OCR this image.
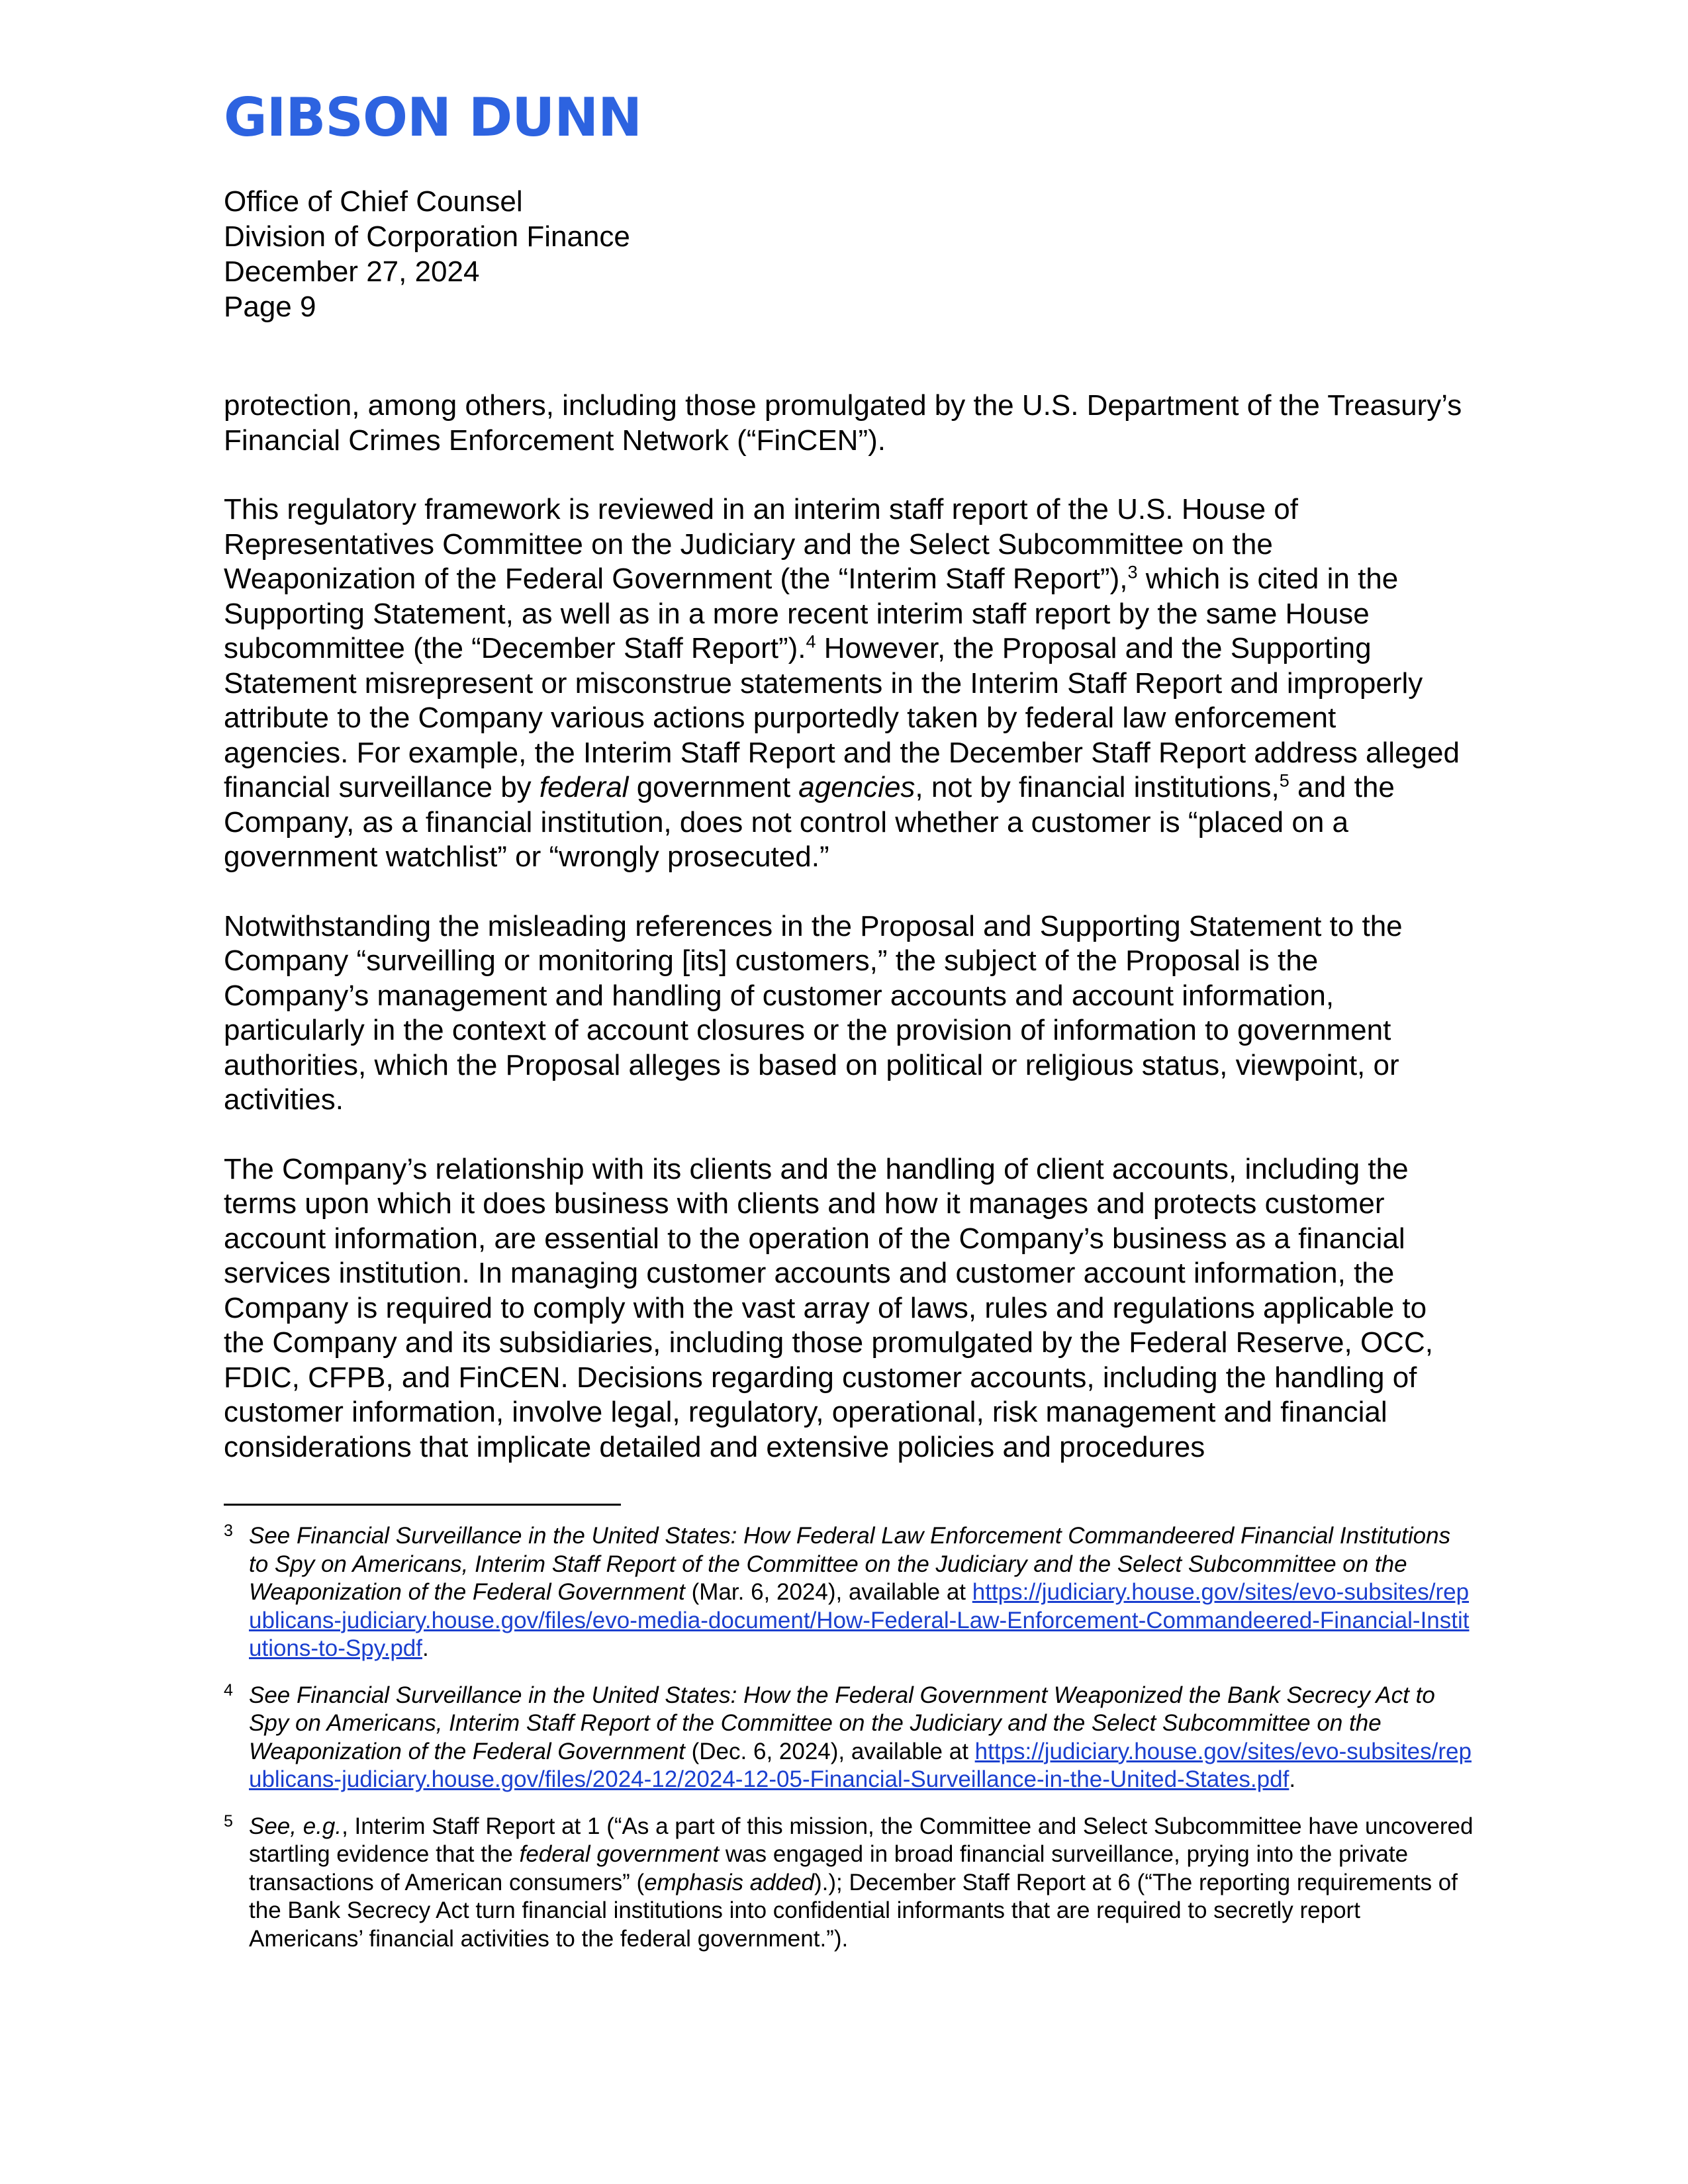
GIBSON DUNN
Office of Chief Counsel
Division of Corporation Finance
December 27, 2024
Page 9

protection, among others, including those promulgated by the U.S. Department of the Treasury’s Financial Crimes Enforcement Network (“FinCEN”).

This regulatory framework is reviewed in an interim staff report of the U.S. House of Representatives Committee on the Judiciary and the Select Subcommittee on the Weaponization of the Federal Government (the “Interim Staff Report”),$^3$ which is cited in the Supporting Statement, as well as in a more recent interim staff report by the same House subcommittee (the “December Staff Report”).$^4$ However, the Proposal and the Supporting Statement misrepresent or misconstrue statements in the Interim Staff Report and improperly attribute to the Company various actions purportedly taken by federal law enforcement agencies. For example, the Interim Staff Report and the December Staff Report address alleged financial surveillance by federal government agencies, not by financial institutions,$^5$ and the Company, as a financial institution, does not control whether a customer is “placed on a government watchlist” or “wrongly prosecuted.”

Notwithstanding the misleading references in the Proposal and Supporting Statement to the Company “surveilling or monitoring [its] customers,” the subject of the Proposal is the Company’s management and handling of customer accounts and account information, particularly in the context of account closures or the provision of information to government authorities, which the Proposal alleges is based on political or religious status, viewpoint, or activities.

The Company’s relationship with its clients and the handling of client accounts, including the terms upon which it does business with clients and how it manages and protects customer account information, are essential to the operation of the Company’s business as a financial services institution. In managing customer accounts and customer account information, the Company is required to comply with the vast array of laws, rules and regulations applicable to the Company and its subsidiaries, including those promulgated by the Federal Reserve, OCC, FDIC, CFPB, and FinCEN. Decisions regarding customer accounts, including the handling of customer information, involve legal, regulatory, operational, risk management and financial considerations that implicate detailed and extensive policies and procedures

3 See Financial Surveillance in the United States: How Federal Law Enforcement Commandeered Financial Institutions to Spy on Americans, Interim Staff Report of the Committee on the Judiciary and the Select Subcommittee on the Weaponization of the Federal Government (Mar. 6, 2024), available at https://judiciary.house.gov/sites/evo-subsites/republicans-judiciary.house.gov/files/evo-media-document/How-Federal-Law-Enforcement-Commandeered-Financial-Institutions-to-Spy.pdf.
4 See Financial Surveillance in the United States: How the Federal Government Weaponized the Bank Secrecy Act to Spy on Americans, Interim Staff Report of the Committee on the Judiciary and the Select Subcommittee on the Weaponization of the Federal Government (Dec. 6, 2024), available at https://judiciary.house.gov/sites/evo-subsites/republicans-judiciary.house.gov/files/2024-12/2024-12-05-Financial-Surveillance-in-the-United-States.pdf.
5 See, e.g., Interim Staff Report at 1 (“As a part of this mission, the Committee and Select Subcommittee have uncovered startling evidence that the federal government was engaged in broad financial surveillance, prying into the private transactions of American consumers” (emphasis added).); December Staff Report at 6 (“The reporting requirements of the Bank Secrecy Act turn financial institutions into confidential informants that are required to secretly report Americans’ financial activities to the federal government.”).
